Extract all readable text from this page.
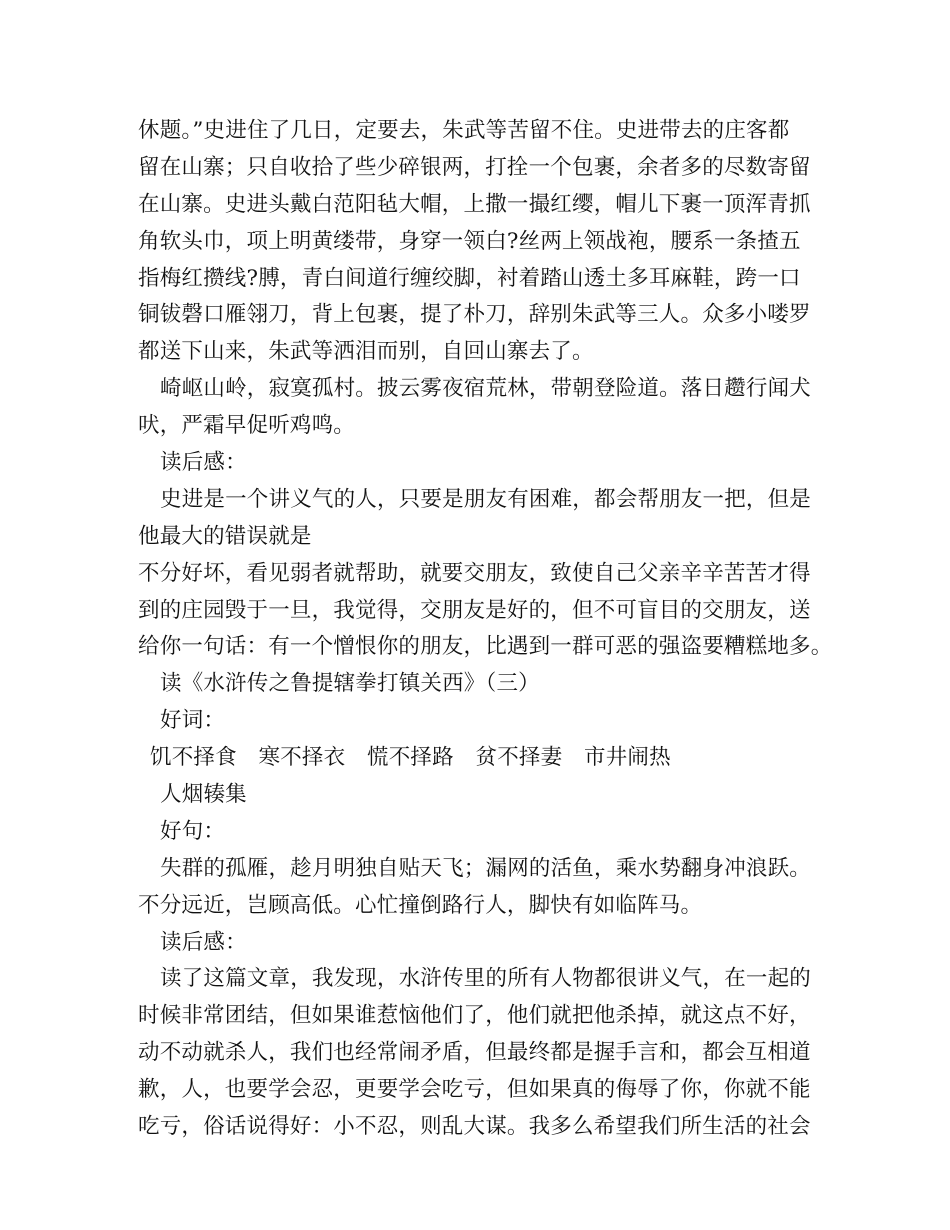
休题。”史进住了几日，定要去，朱武等苦留不住。史进带去的庄客都
留在山寨；只自收拾了些少碎银两，打拴一个包裹，余者多的尽数寄留
在山寨。史进头戴白范阳毡大帽，上撒一撮红缨，帽儿下裹一顶浑青抓
角软头巾，项上明黄缕带，身穿一领白?丝两上领战袍，腰系一条揸五
指梅红攒线?膊，青白间道行缠绞脚，衬着踏山透土多耳麻鞋，跨一口
铜钹磬口雁翎刀，背上包裹，提了朴刀，辞别朱武等三人。众多小喽罗
都送下山来，朱武等洒泪而别，自回山寨去了。
崎岖山岭，寂寞孤村。披云雾夜宿荒林，带朝登险道。落日趱行闻犬
吠，严霜早促听鸡鸣。
读后感：
史进是一个讲义气的人，只要是朋友有困难，都会帮朋友一把，但是
他最大的错误就是
不分好坏，看见弱者就帮助，就要交朋友，致使自己父亲辛辛苦苦才得
到的庄园毁于一旦，我觉得，交朋友是好的，但不可盲目的交朋友，送
给你一句话：有一个憎恨你的朋友，比遇到一群可恶的强盗要糟糕地多。
读《水浒传之鲁提辖拳打镇关西》（三）
好词：
饥不择食　寒不择衣　慌不择路　贫不择妻　市井闹热
人烟辏集
好句：
失群的孤雁，趁月明独自贴天飞；漏网的活鱼，乘水势翻身冲浪跃。
不分远近，岂顾高低。心忙撞倒路行人，脚快有如临阵马。
读后感：
读了这篇文章，我发现，水浒传里的所有人物都很讲义气，在一起的
时候非常团结，但如果谁惹恼他们了，他们就把他杀掉，就这点不好，
动不动就杀人，我们也经常闹矛盾，但最终都是握手言和，都会互相道
歉，人，也要学会忍，更要学会吃亏，但如果真的侮辱了你，你就不能
吃亏，俗话说得好：小不忍，则乱大谋。我多么希望我们所生活的社会
